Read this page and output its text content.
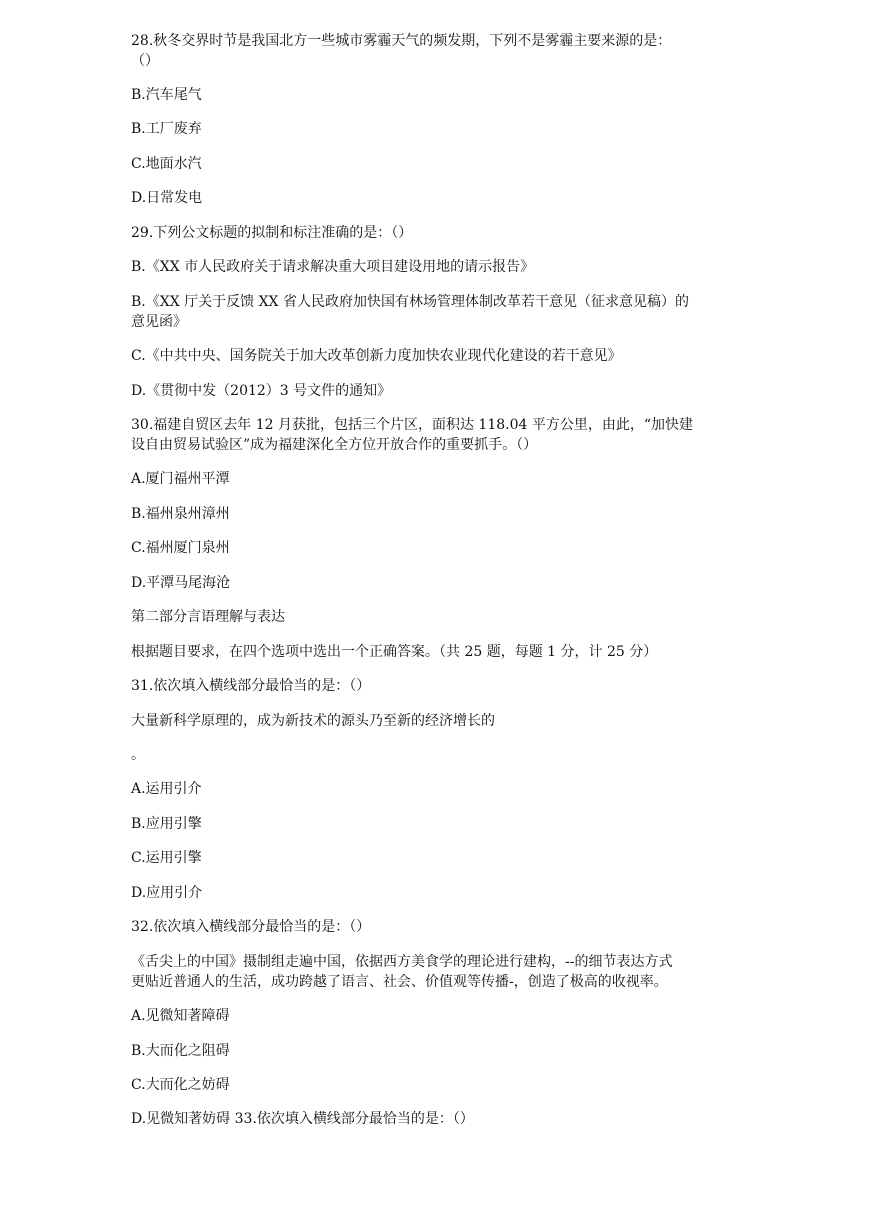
28.秋冬交界时节是我国北方一些城市雾霾天气的频发期，下列不是雾霾主要来源的是：

（）

B.汽车尾气

B.工厂废弃

C.地面水汽

D.日常发电

29.下列公文标题的拟制和标注准确的是：（）

B.《XX 市人民政府关于请求解决重大项目建设用地的请示报告》

B.《XX 厅关于反馈 XX 省人民政府加快国有林场管理体制改革若干意见（征求意见稿）的

意见函》

C.《中共中央、国务院关于加大改革创新力度加快农业现代化建设的若干意见》

D.《贯彻中发（2012）3 号文件的通知》

30.福建自贸区去年 12 月获批，包括三个片区，面积达 118.04 平方公里，由此，“加快建

设自由贸易试验区”成为福建深化全方位开放合作的重要抓手。（）

A.厦门福州平潭

B.福州泉州漳州

C.福州厦门泉州

D.平潭马尾海沧

第二部分言语理解与表达

根据题目要求，在四个选项中选出一个正确答案。（共 25 题，每题 1 分，计 25 分）

31.依次填入横线部分最恰当的是：（）

大量新科学原理的，成为新技术的源头乃至新的经济增长的

。

A.运用引介

B.应用引擎

C.运用引擎

D.应用引介

32.依次填入横线部分最恰当的是：（）

《舌尖上的中国》摄制组走遍中国，依据西方美食学的理论进行建构，--的细节表达方式

更贴近普通人的生活，成功跨越了语言、社会、价值观等传播-，创造了极高的收视率。

A.见微知著障碍

B.大而化之阻碍

C.大而化之妨碍

D.见微知著妨碍 33.依次填入横线部分最恰当的是：（）
